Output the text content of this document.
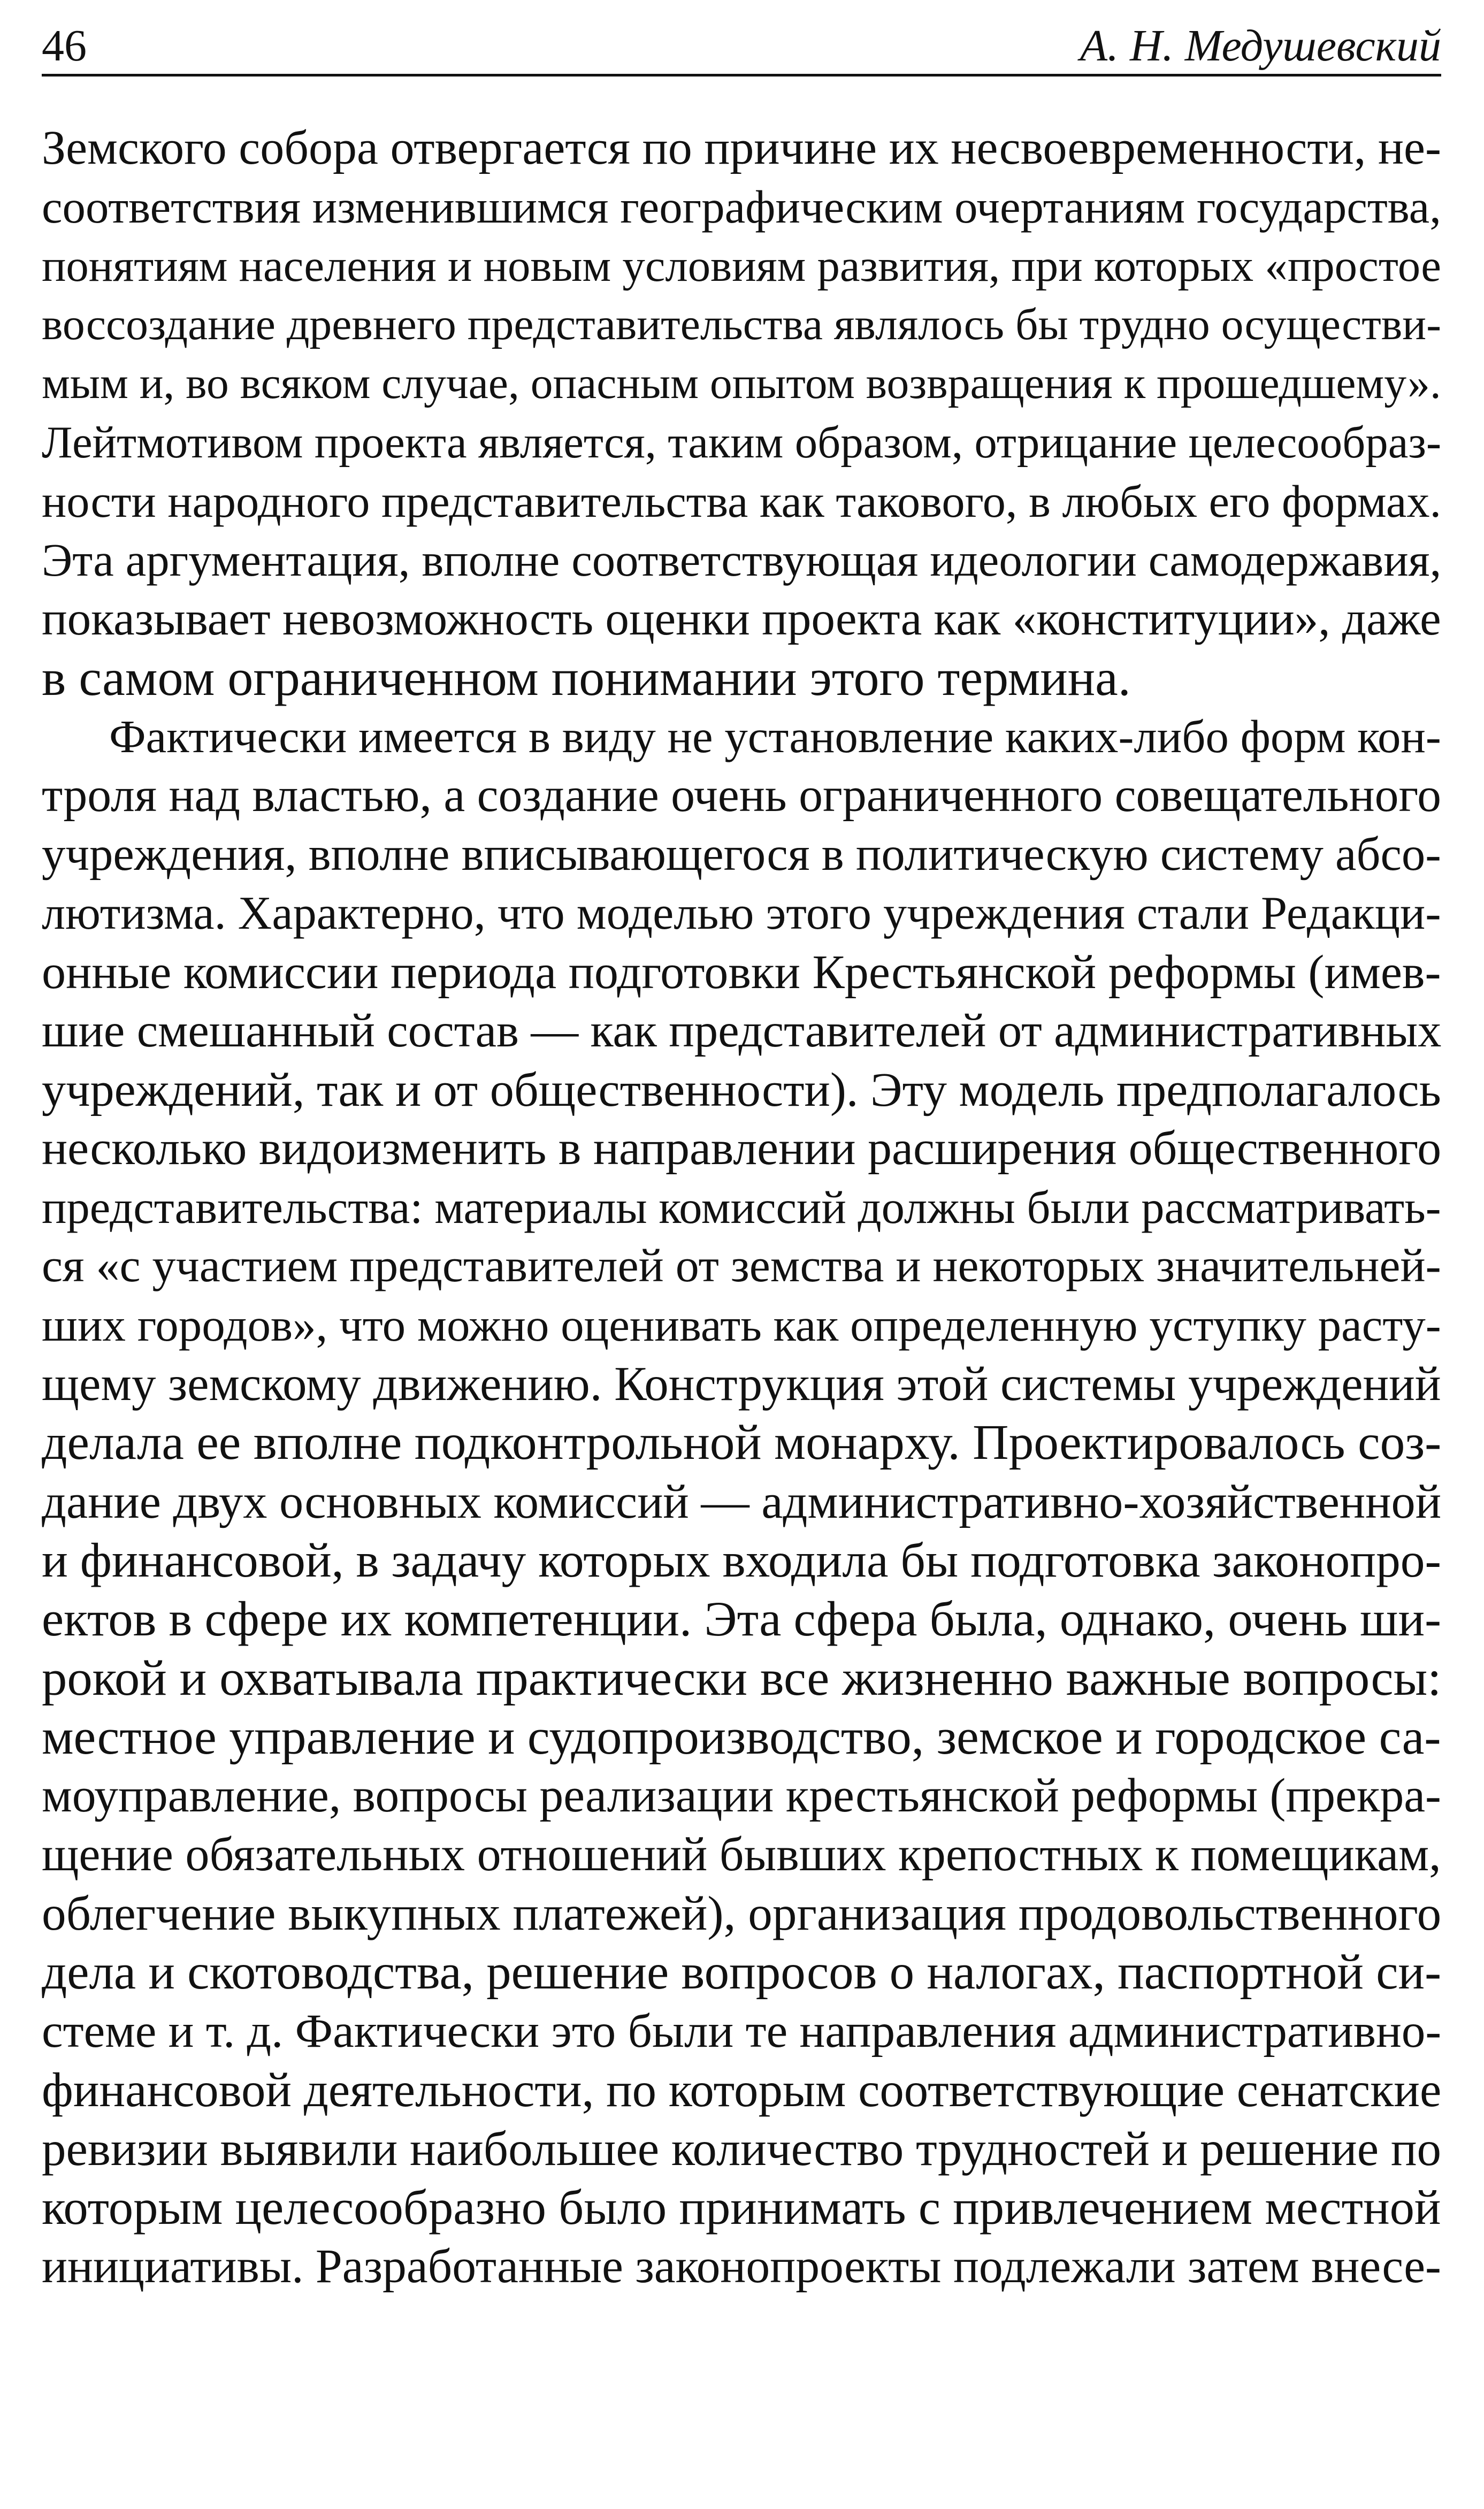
46	А. Н. Медушевский
Земского собора отвергается по причине их несвоевременности, не-
соответствия изменившимся географическим очертаниям государства,
понятиям населения и новым условиям развития, при которых «простое
воссоздание древнего представительства являлось бы трудно осуществи-
мым и, во всяком случае, опасным опытом возвращения к прошедшему».
Лейтмотивом проекта является, таким образом, отрицание целесообраз-
ности народного представительства как такового, в любых его формах.
Эта аргументация, вполне соответствующая идеологии самодержавия,
показывает невозможность оценки проекта как «конституции», даже
в самом ограниченном понимании этого термина.
Фактически имеется в виду не установление каких-либо форм кон-
троля над властью, а создание очень ограниченного совещательного
учреждения, вполне вписывающегося в политическую систему абсо-
лютизма. Характерно, что моделью этого учреждения стали Редакци-
онные комиссии периода подготовки Крестьянской реформы (имев-
шие смешанный состав — как представителей от административных
учреждений, так и от общественности). Эту модель предполагалось
несколько видоизменить в направлении расширения общественного
представительства: материалы комиссий должны были рассматривать-
ся «с участием представителей от земства и некоторых значительней-
ших городов», что можно оценивать как определенную уступку расту-
щему земскому движению. Конструкция этой системы учреждений
делала ее вполне подконтрольной монарху. Проектировалось соз-
дание двух основных комиссий — административно-хозяйственной
и финансовой, в задачу которых входила бы подготовка законопро-
ектов в сфере их компетенции. Эта сфера была, однако, очень ши-
рокой и охватывала практически все жизненно важные вопросы:
местное управление и судопроизводство, земское и городское са-
моуправление, вопросы реализации крестьянской реформы (прекра-
щение обязательных отношений бывших крепостных к помещикам,
облегчение выкупных платежей), организация продовольственного
дела и скотоводства, решение вопросов о налогах, паспортной си-
стеме и т. д. Фактически это были те направления административно-
финансовой деятельности, по которым соответствующие сенатские
ревизии выявили наибольшее количество трудностей и решение по
которым целесообразно было принимать с привлечением местной
инициативы. Разработанные законопроекты подлежали затем внесе-
